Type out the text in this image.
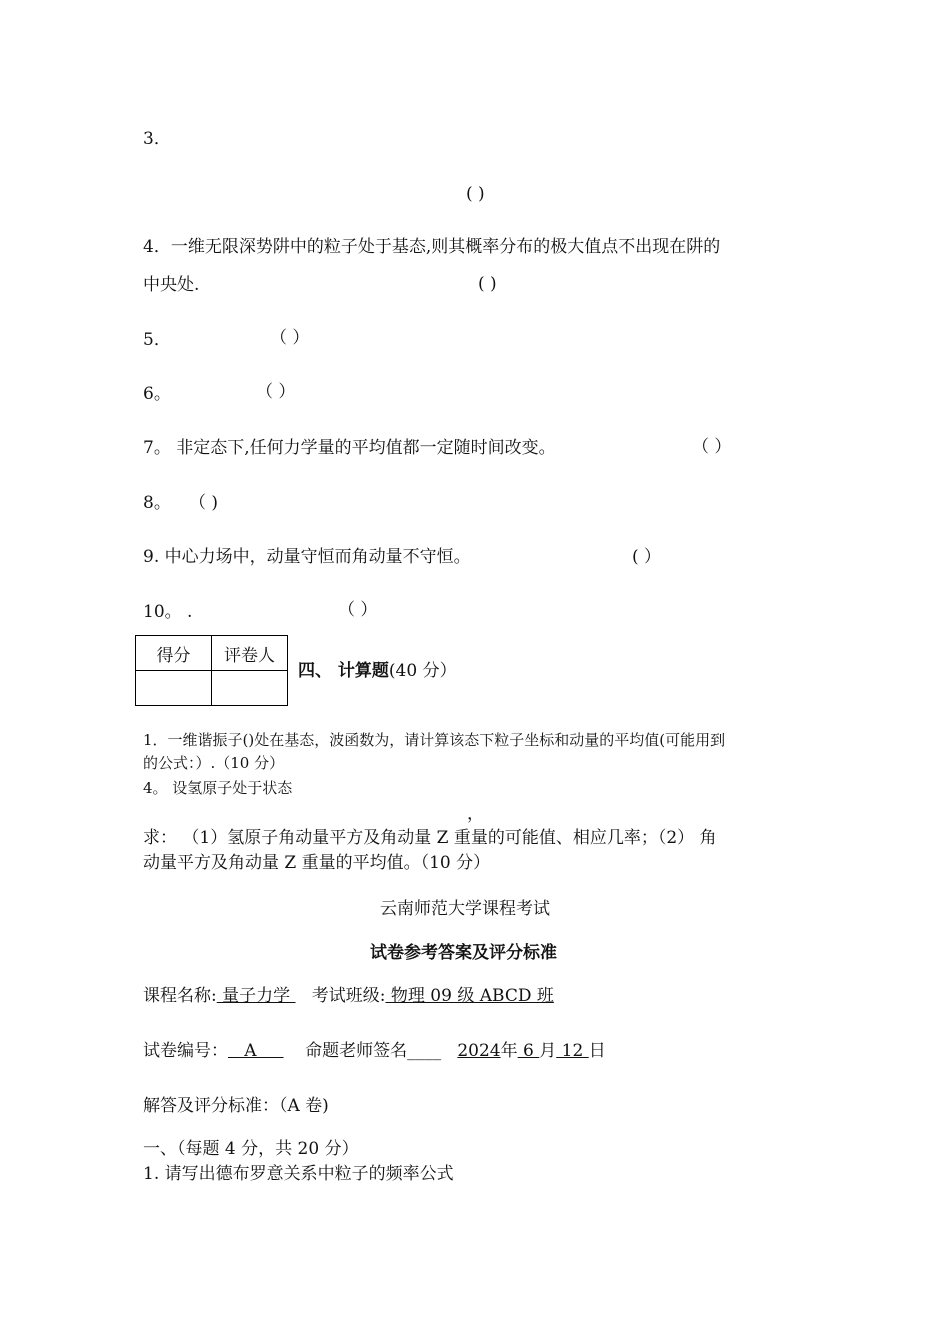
3．
( )
4．一维无限深势阱中的粒子处于基态,则其概率分布的极大值点不出现在阱的
中央处.	( )
5．	（ ）
6。	（ ）
7。 非定态下,任何力学量的平均值都一定随时间改变。	（ ）
8。 （ )
9. 中心力场中，动量守恒而角动量不守恒。	( ）
10。 .	（ ）
得分	评卷人

四、 计算题(40 分）
1．一维谐振子()处在基态，波函数为，请计算该态下粒子坐标和动量的平均值(可能用到
的公式：）.（10 分）
4。 设氢原子处于状态
，
求： （1）氢原子角动量平方及角动量 Z 重量的可能值、相应几率；（2） 角
动量平方及角动量 Z 重量的平均值。（10 分）
云南师范大学课程考试
试卷参考答案及评分标准
课程名称: 量子力学    考试班级: 物理 09 级 ABCD 班
试卷编号：   A         命题老师签名____ 2024年 6 月 12 日
解答及评分标准：（A 卷)
一、（每题 4 分，共 20 分）
1. 请写出德布罗意关系中粒子的频率公式
